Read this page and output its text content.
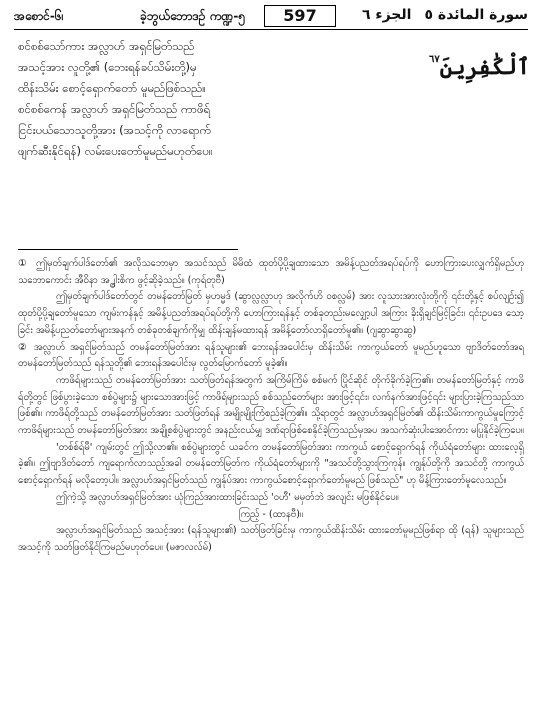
အစောင်-၆၊	ခဲ့ဘွယ်ဘောဒဥ် ကဏ္ဍ-၅	597	الجزء ٦ سورة المائدة ٥

စင်စစ်သော်ကား အလ္လာဟ် အရှင်မြတ်သည်

အသင့်အား လူတို့၏ (ဘေးရန်ခပ်သိမ်းတို့)မှ

ထိန်းသိမ်း စောင့်ရှောက်တော် မူမည်ဖြစ်သည်။

စင်စစ်ကေန် အလ္လာဟ် အရှင်မြတ်သည် ကာဖိရ်

ငြင်းပယ်သောသူတို့အား (အသင့်ကို လာရောက်

ဖျက်ဆီးနိုင်ရန်) လမ်းပေးတော်မူမည်မဟုတ်ပေ။

ٱلْكَٰفِرِينَ$^{٦٧}$

① ဤမှတ်ချက်ပါဒ်တော်၏ အလိုသဘောမှာ အသင်သည် မိမိထံ ထုတ်ပို့ပို့ချထားသော အမိန့်ပညတ်အရပ်ရပ်ကို ဟောကြားပေးလျှက်ရှိမည်ဟု သဘောကောင်း အီဝိနာ အ႕ွါးစိက ဖွင့်ဆိုခဲ့သည်။ (ကုရ်တုဗီ)

ဤမှတ်ချက်ပါဒ်တော်တွင် တမန်တော်မြတ် မှဟမ္မဒ် (ဆွာလ္လလ္လာဟု အလိုက်ဟိ ဝစလ္လမ်) အား လူသားအားလုံးတို့ကို ၎င်းတို့နှင့် စပ်လျဉ်း၍ ထုတ်ပို့ပို့ချတော်မူသော ကျမ်းကန်နှင့် အမိန့်ပညတ်အရပ်ရပ်တို့ကို ဟောကြားရန်နှင့် တစ်ခုတည်းမလျှော့ပါ အကြား ခိုးရှိချင်မြင့်ခြင်း၊ ၎င်းဥပဒေ သော့ခြင်း အမိန့်ပညတ်တော်များအနက် တစ်ခုတစ်ချက်ကိုမျှ ထိန်းချန်မထားရန် အမိန့်တော်လာရှိတော်မူ၏။ (ဂျဆွာဆွာဆွ)

② အလ္လာဟ် အရှင်မြတ်သည် တမန်တော်မြတ်အား ရန်သူများ၏ ဘေးရန်အပေါင်းမှ ထိန်းသိမ်း ကာကွယ်တော် မူမည်ဟူသော ဗျာဒိတ်တော်အရ တမန်တော်မြတ်သည် ရန်သူတို့၏ ဘေးရန်အပေါင်းမှ လွတ်မြောက်တော် မူခဲ့၏။

ကာဖိရ်များသည် တမန်တော်မြတ်အား သတ်ဖြတ်ရန်အတွက် အကြိမ်ကြိမ် စစ်မက် ပြိုင်ဆိုင် တိုက်ခိုက်ခဲ့ကြ၏။ တမန်တော်မြတ်နှင့် ကာဖိရ်တို့တွင် ဖြစ်ပွားခဲ့သော စစ်ပွဲများ၌ များသောအားဖြင့် ကာဖိရ်များသည် စစ်သည်တော်များ အားဖြင့်၎င်း၊ လက်နက်အားဖြင့်၎င်း များပြားခဲ့ကြသည်သာ ဖြစ်၏။ ကာဖိရ်တို့သည် တမန်တော်မြတ်အား သတ်ဖြတ်ရန် အမျိုးမျိုးကြံစည်ခဲ့ကြ၏။ သို့ရာတွင် အလ္လာဟ်အရှင်မြတ်၏ ထိန်းသိမ်းကာကွယ်မှုကြောင့် ကာဖိရ်များသည် တမန်တော်မြတ်အား အချို့စစ်ပွဲများတွင် အနည်းငယ်မျှ ဒဏ်ရာဖြစ်စေနိုင်ခဲ့ကြသည်မှအပ အသက်ဆုံးပါးအောင်ကား မပြုနိုင်ခဲ့ကြပေ။

'တစ်စ်ရ်မီ' ကျမ်းတွင် ဤသို့လာ၏။ စစ်ပွဲများတွင် ယခင်က တမန်တော်မြတ်အား ကာကွယ် စောင့်ရှောက်ရန် ကိုယ်ရံတော်များ ထားလေ့ရှိခဲ့၏။ ဤဗျာဒိတ်တော် ကျရောက်လာသည့်အခါ တမန်တော်မြတ်က ကိုယ်ရံတော်များကို "အသင်တို့သွားကြကုန်။ ကျွန်ုပ်တို့ကို အသင်တို့ ကာကွယ်စောင့်ရှောက်ရန် မလိုတော့ပါ။ အလ္လာဟ်အရှင်မြတ်သည် ကျွန်ုပ်အား ကာကွယ်စောင့်ရှောက်တော်မူမည် ဖြစ်သည်" ဟု မိန့်ကြားတော်မူလေသည်။

ဤကဲ့သို့ အလ္လာဟ်အရှင်မြတ်အား ယုံကြည်အားထားခြင်းသည် 'ဝဟီ' မမှတ်ဘဲ အလျင်း မဖြစ်နိုင်ပေ။

ကြည့် - (ထာနဗီ)။

အလ္လာဟ်အရှင်မြတ်သည် အသင့်အား (ရန်သူများ၏) သတ်ဖြတ်ခြင်းမှ ကာကွယ်ထိန်းသိမ်း ထားတော်မူမည်ဖြစ်ရာ ထို (ရန်) သူများသည် အသင့်ကို သတ်ဖြတ်နိုင်ကြမည်မဟုတ်ပေ။ (မဇာလလ်မ်)
